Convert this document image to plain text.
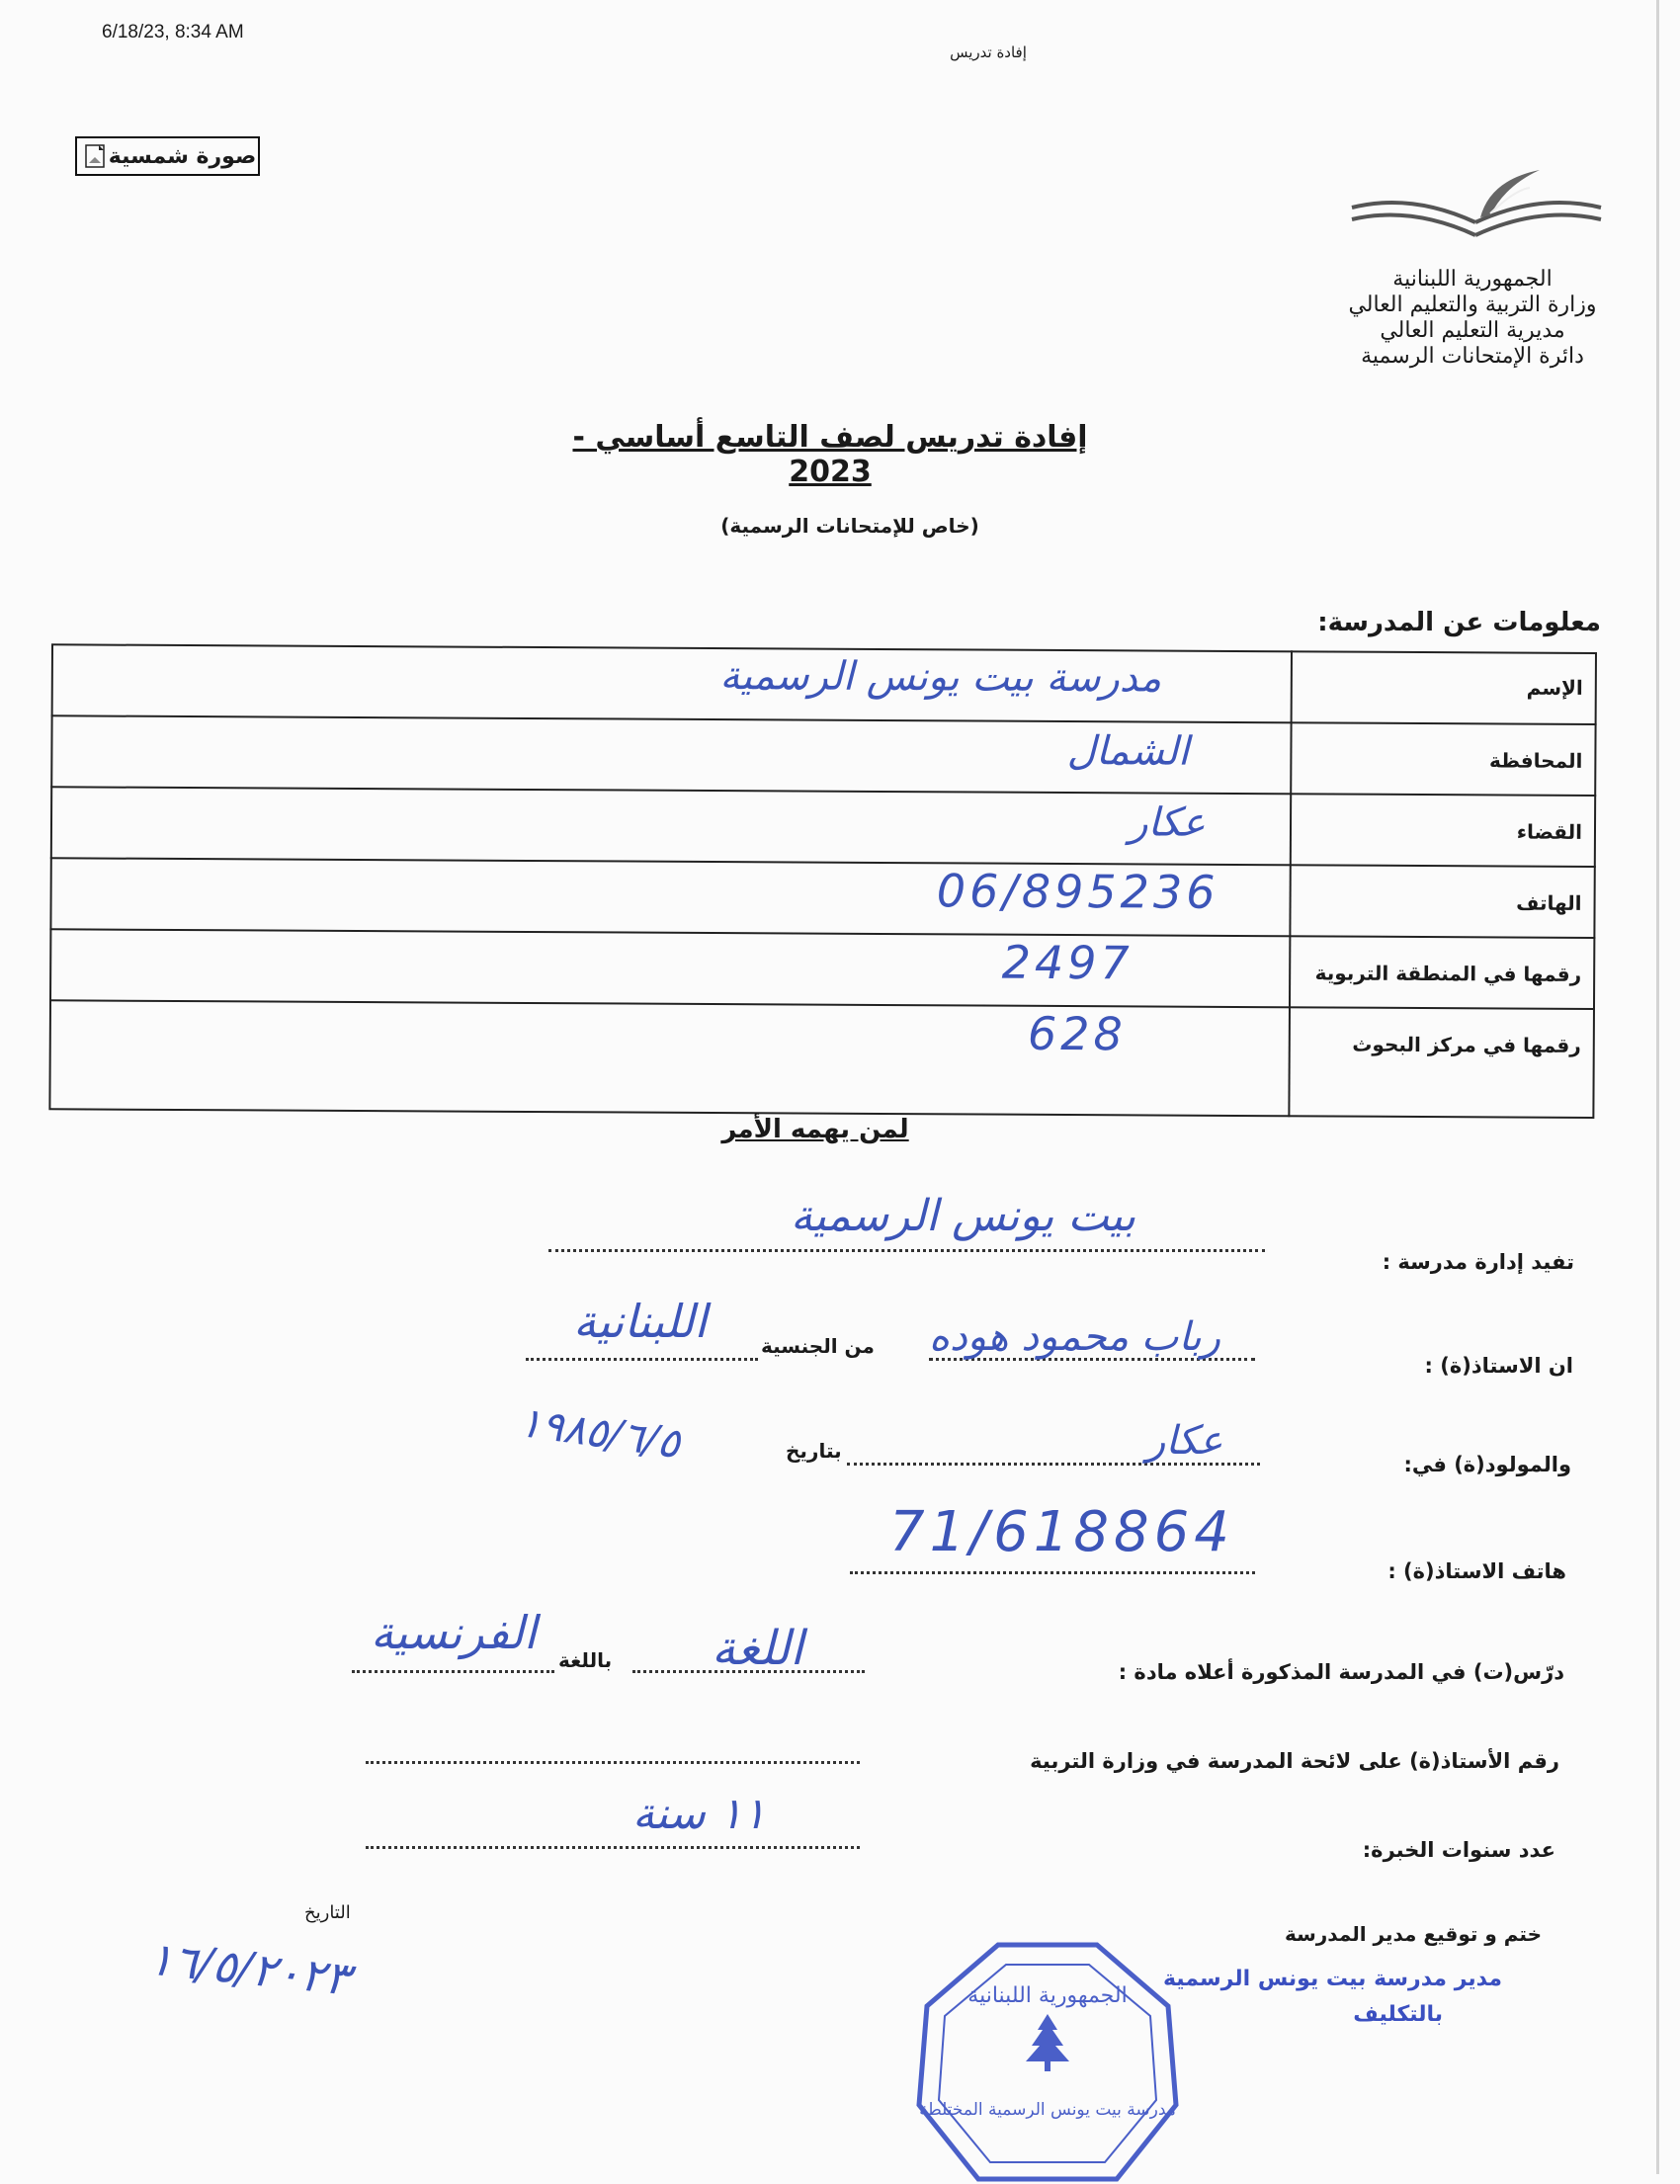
6/18/23, 8:34 AM
إفادة تدريس
صورة شمسية
الجمهورية اللبنانية
وزارة التربية والتعليم العالي
مديرية التعليم العالي
دائرة الإمتحانات الرسمية
إفادة تدريس لصف التاسع أساسي - 2023
(خاص للإمتحانات الرسمية)
معلومات عن المدرسة:
الإسم
مدرسة بيت يونس الرسمية
المحافظة
الشمال
القضاء
عكار
الهاتف
06/895236
رقمها في المنطقة التربوية
2497
رقمها في مركز البحوث
628
لمن يهمه الأمر
تفيد إدارة مدرسة :
بيت يونس الرسمية
ان الاستاذ(ة) :
رباب محمود هوده
من الجنسية
اللبنانية
والمولود(ة) في:
عكار
بتاريخ
١٩٨٥/٦/٥
هاتف الاستاذ(ة) :
71/618864
درّس(ت) في المدرسة المذكورة أعلاه مادة :
اللغة
باللغة
الفرنسية
رقم الأستاذ(ة) على لائحة المدرسة في وزارة التربية
عدد سنوات الخبرة:
١١ سنة
التاريخ
١٦/٥/٢٠٢٣	ختم و توقيع مدير المدرسة
الجمهورية اللبنانية
مدرسة بيت يونس الرسمية المختلطة
مدير مدرسة بيت يونس الرسمية
بالتكليف
